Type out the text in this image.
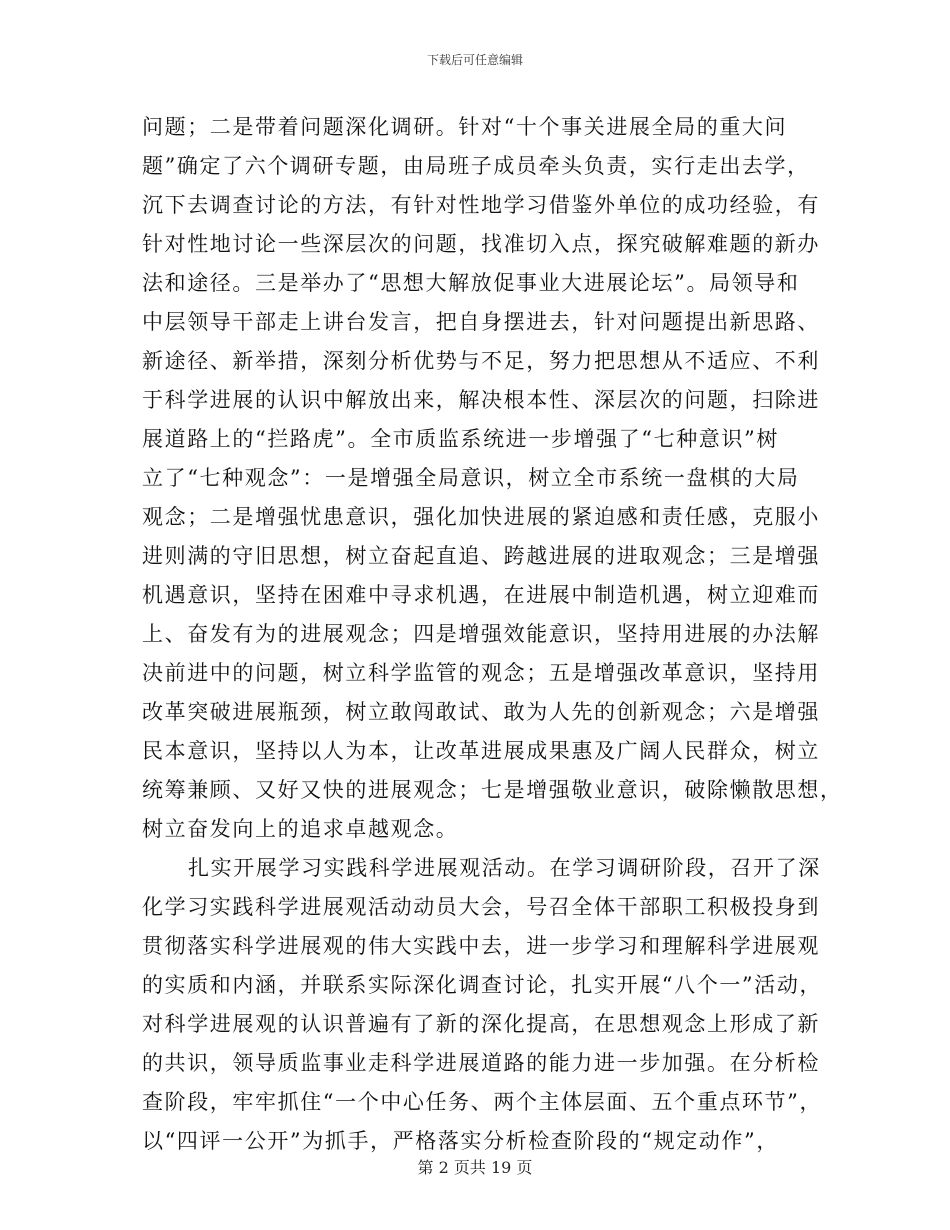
下载后可任意编辑
问题；二是带着问题深化调研。针对“十个事关进展全局的重大问
题”确定了六个调研专题，由局班子成员牵头负责，实行走出去学，
沉下去调查讨论的方法，有针对性地学习借鉴外单位的成功经验，有
针对性地讨论一些深层次的问题，找准切入点，探究破解难题的新办
法和途径。三是举办了“思想大解放促事业大进展论坛”。局领导和
中层领导干部走上讲台发言，把自身摆进去，针对问题提出新思路、
新途径、新举措，深刻分析优势与不足，努力把思想从不适应、不利
于科学进展的认识中解放出来，解决根本性、深层次的问题，扫除进
展道路上的“拦路虎”。全市质监系统进一步增强了“七种意识”树
立了“七种观念”：一是增强全局意识，树立全市系统一盘棋的大局
观念；二是增强忧患意识，强化加快进展的紧迫感和责任感，克服小
进则满的守旧思想，树立奋起直追、跨越进展的进取观念；三是增强
机遇意识，坚持在困难中寻求机遇，在进展中制造机遇，树立迎难而
上、奋发有为的进展观念；四是增强效能意识，坚持用进展的办法解
决前进中的问题，树立科学监管的观念；五是增强改革意识，坚持用
改革突破进展瓶颈，树立敢闯敢试、敢为人先的创新观念；六是增强
民本意识，坚持以人为本，让改革进展成果惠及广阔人民群众，树立
统筹兼顾、又好又快的进展观念；七是增强敬业意识，破除懒散思想，
树立奋发向上的追求卓越观念。
扎实开展学习实践科学进展观活动。在学习调研阶段，召开了深
化学习实践科学进展观活动动员大会，号召全体干部职工积极投身到
贯彻落实科学进展观的伟大实践中去，进一步学习和理解科学进展观
的实质和内涵，并联系实际深化调查讨论，扎实开展“八个一”活动，
对科学进展观的认识普遍有了新的深化提高，在思想观念上形成了新
的共识，领导质监事业走科学进展道路的能力进一步加强。在分析检
查阶段，牢牢抓住“一个中心任务、两个主体层面、五个重点环节”，
以“四评一公开”为抓手，严格落实分析检查阶段的“规定动作”，
第 2 页共 19 页
